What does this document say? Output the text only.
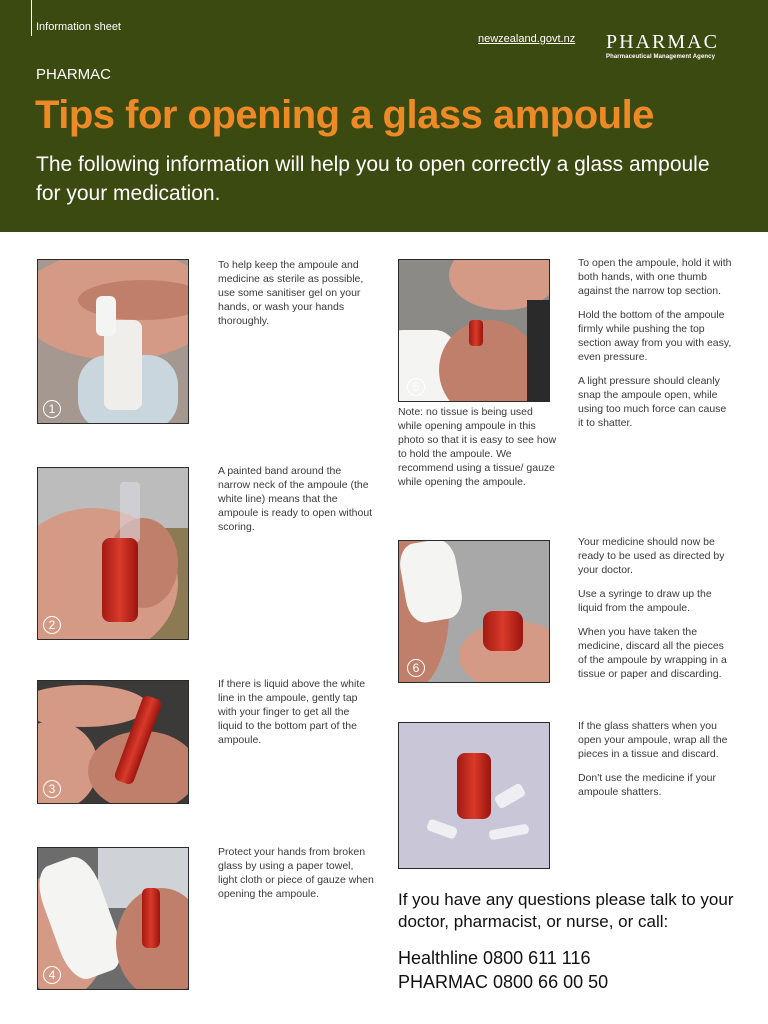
Information sheet
newzealand.govt.nz PHARMAC
Pharmaceutical Management Agency
PHARMAC
Tips for opening a glass ampoule
The following information will help you to open correctly a glass ampoule for your medication.
1

To help keep the ampoule and medicine as sterile as possible, use some sanitiser gel on your hands, or wash your hands thoroughly.

2

A painted band around the narrow neck of the ampoule (the white line) means that the ampoule is ready to open without scoring.

3

If there is liquid above the white line in the ampoule, gently tap with your finger to get all the liquid to the bottom part of the ampoule.

4

Protect your hands from broken glass by using a paper towel, light cloth or piece of gauze when opening the ampoule.

5
Note: no tissue is being used while opening ampoule in this photo so that it is easy to see how to hold the ampoule. We recommend using a tissue/ gauze while opening the ampoule.

To open the ampoule, hold it with both hands, with one thumb against the narrow top section.

Hold the bottom of the ampoule firmly while pushing the top section away from you with easy, even pressure.

A light pressure should cleanly snap the ampoule open, while using too much force can cause it to shatter.

6

Your medicine should now be ready to be used as directed by your doctor.

Use a syringe to draw up the liquid from the ampoule.

When you have taken the medicine, discard all the pieces of the ampoule by wrapping in a tissue or paper and discarding.

If the glass shatters when you open your ampoule, wrap all the pieces in a tissue and discard.

Don't use the medicine if your ampoule shatters.

If you have any questions please talk to your doctor, pharmacist, or nurse, or call:
Healthline 0800 611 116
PHARMAC 0800 66 00 50
